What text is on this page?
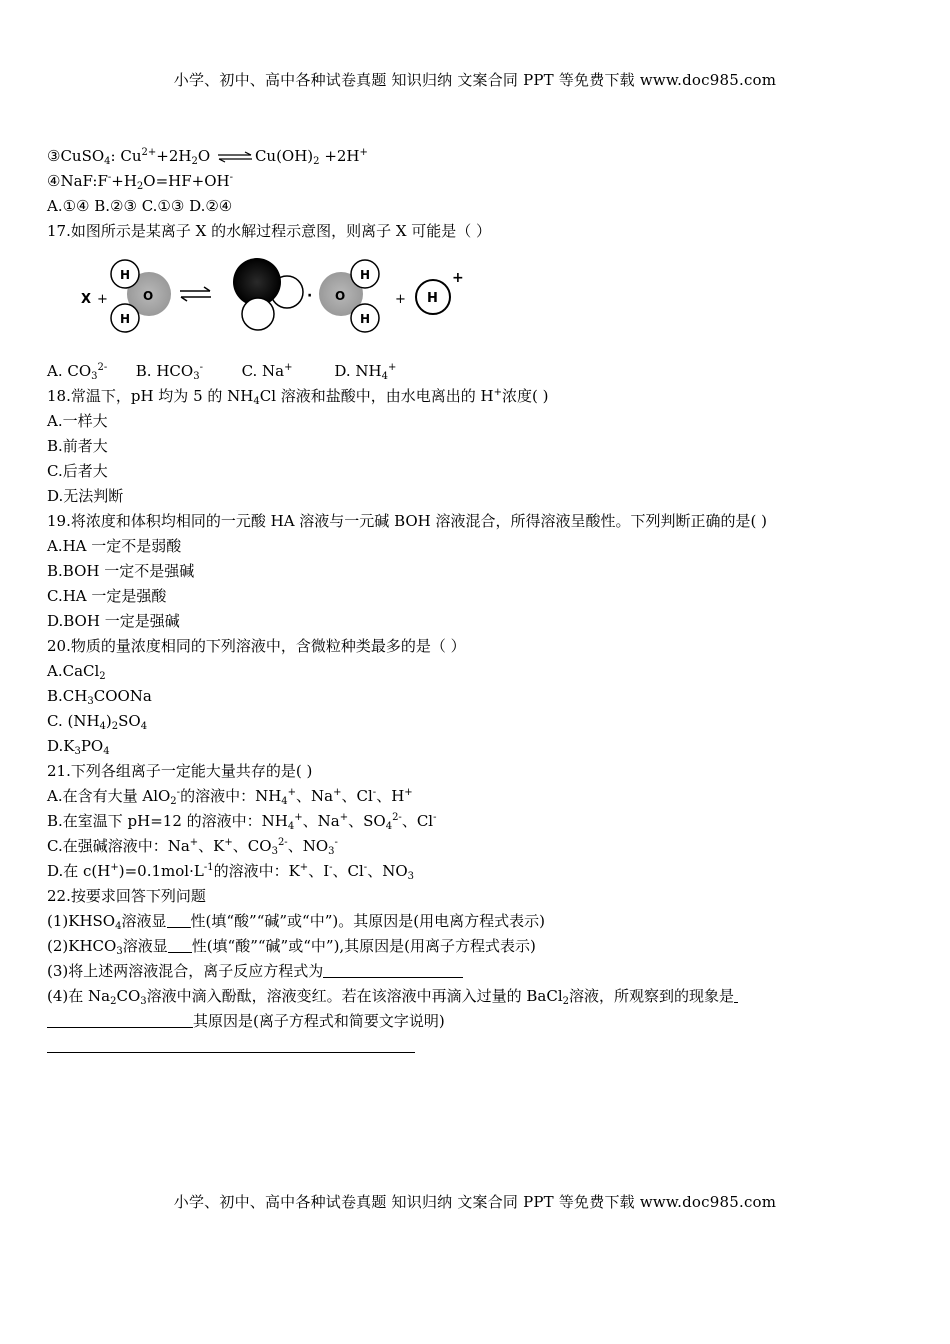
小学、初中、高中各种试卷真题 知识归纳 文案合同 PPT 等免费下载 www.doc985.com
③CuSO$_4$: $Cu^{2+}+2H_2O$ ⇌ $Cu(OH)_2 +2H^+$
$④NaF:F^-+H_2O=HF+OH^-$
A.①④ B.②③ C.①③ D.②④
17.如图所示是某离子 X 的水解过程示意图，则离子 X 可能是（ ）
X +
H
H
O	· O
H
H
+ H
+
A. $CO_3^{2-}$ B. $HCO_3^-$	C. Na+	D. $NH_4^+$
18.常温下，pH 均为 5 的 $NH_4Cl$ 溶液和盐酸中，由水电离出的 H+浓度( )
A.一样大
B.前者大
C.后者大
D.无法判断
19.将浓度和体积均相同的一元酸 HA 溶液与一元碱 BOH 溶液混合，所得溶液呈酸性。下列判断正确的是( )
A.HA 一定不是弱酸
B.BOH 一定不是强碱
C.HA 一定是强酸
D.BOH 一定是强碱
20.物质的量浓度相同的下列溶液中，含微粒种类最多的是（ ）
A.CaCl$_2$
$B.CH_3COONa$
C. $(NH_4)_2SO_4$
$D.K_3PO_4$
21.下列各组离子一定能大量共存的是( )
A.在含有大量 AlO$_2$-的溶液中：$NH_4^+$、Na+、Cl-、H+
B.在室温下 pH=12 的溶液中：$NH_4^+$、Na+、$SO_4^{2-}$、Cl-
C.在强碱溶液中：Na+、K+、$CO_3^{2-}$、$NO_3^-$
D.在 $c(H^+)=0.1mol\cdot L^{-1}$的溶液中：K+、I-、Cl-、$NO_3$
22.按要求回答下列问题
$(1)KHSO_4$溶液显 性(填“酸”“碱”或“中”)。其原因是(用电离方程式表示)
$(2)KHCO_3$溶液显 性(填“酸”“碱”或“中”),其原因是(用离子方程式表示)
(3)将上述两溶液混合，离子反应方程式为
(4)在 $Na_2CO_3$溶液中滴入酚酞，溶液变红。若在该溶液中再滴入过量的 BaCl$_2$溶液，所观察到的现象是
其原因是(离子方程式和简要文字说明)
小学、初中、高中各种试卷真题 知识归纳 文案合同 PPT 等免费下载 www.doc985.com
